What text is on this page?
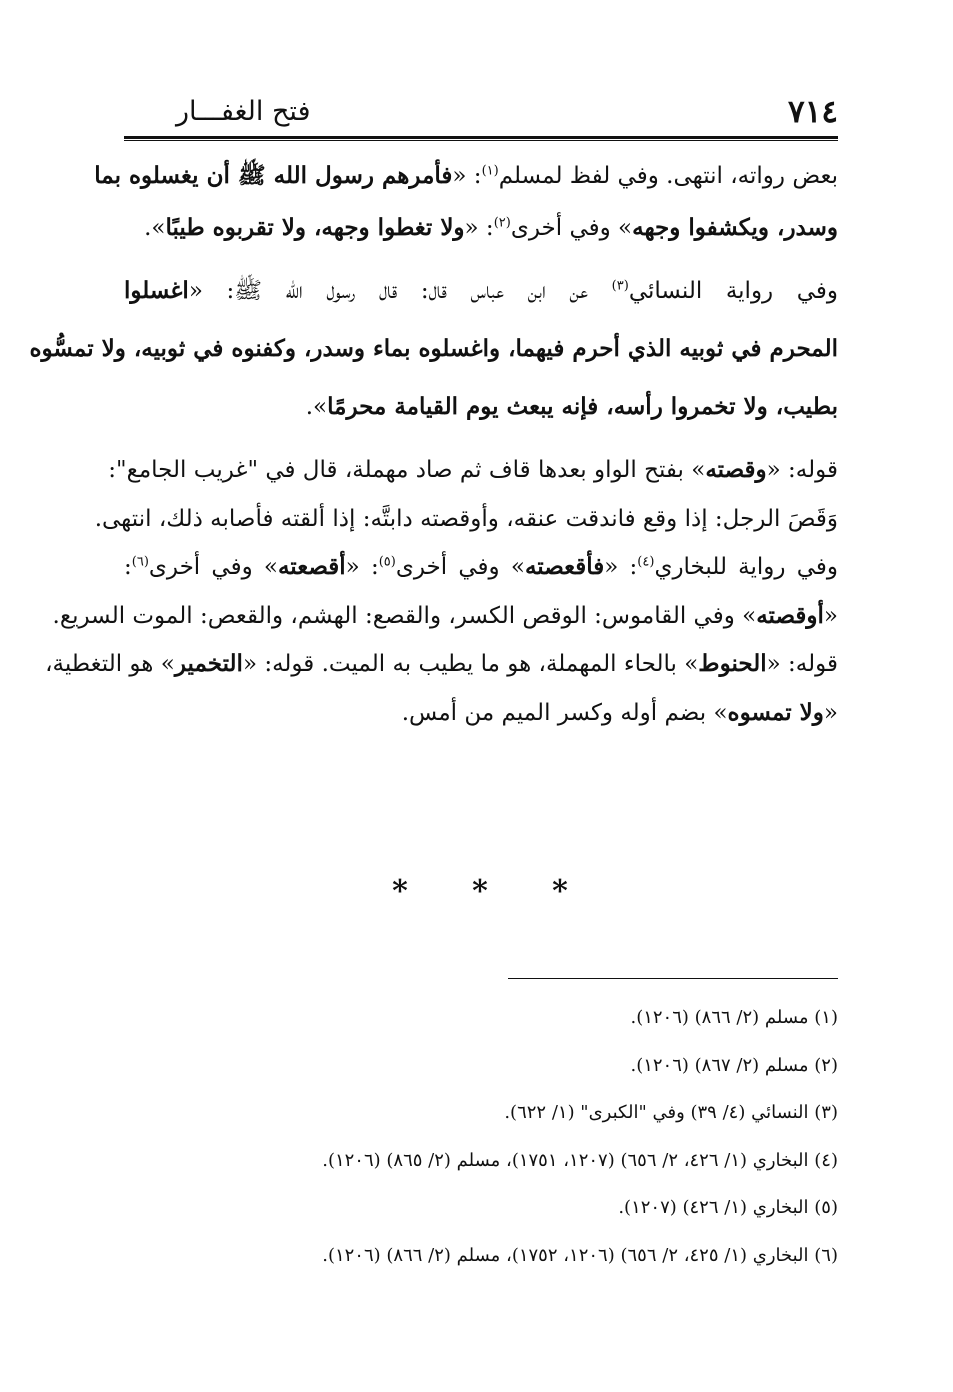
٧١٤
فتح الغفـــار

بعض رواته، انتهى. وفي لفظ لمسلم$^{(١)}$: «فأمرهم رسول الله ﷺ أن يغسلوه بما
وسدر، ويكشفوا وجهه» وفي أخرى$^{(٢)}$: «ولا تغطوا وجهه، ولا تقربوه طيبًا».

وفي رواية النسائي$^{(٣)}$ عن ابن عباس قال: قال رسول الله ﷺ: «اغسلوا
المحرم في ثوبيه الذي أحرم فيهما، واغسلوه بماء وسدر، وكفنوه في ثوبيه، ولا تمسُّوه
بطيب، ولا تخمروا رأسه، فإنه يبعث يوم القيامة محرمًا».

قوله: «وقصته» بفتح الواو بعدها قاف ثم صاد مهملة، قال في "غريب الجامع":
وَقَصَ الرجل: إذا وقع فاندقت عنقه، وأوقصته دابتَّه: إذا ألقته فأصابه ذلك، انتهى.
وفي رواية للبخاري$^{(٤)}$: «فأقعصته» وفي أخرى$^{(٥)}$: «أقصعته» وفي أخرى$^{(٦)}$:
«أوقصته» وفي القاموس: الوقص الكسر، والقصع: الهشم، والقعص: الموت السريع.
قوله: «الحنوط» بالحاء المهملة، هو ما يطيب به الميت. قوله: «التخمير» هو التغطية،
«ولا تمسوه» بضم أوله وكسر الميم من أمس.

*
*
*
(١) مسلم (٢/ ٨٦٦) (١٢٠٦).
(٢) مسلم (٢/ ٨٦٧) (١٢٠٦).
(٣) النسائي (٤/ ٣٩) وفي "الكبرى" (١/ ٦٢٢).
(٤) البخاري (١/ ٤٢٦، ٢/ ٦٥٦) (١٢٠٧، ١٧٥١)، مسلم (٢/ ٨٦٥) (١٢٠٦).
(٥) البخاري (١/ ٤٢٦) (١٢٠٧).
(٦) البخاري (١/ ٤٢٥، ٢/ ٦٥٦) (١٢٠٦، ١٧٥٢)، مسلم (٢/ ٨٦٦) (١٢٠٦).
